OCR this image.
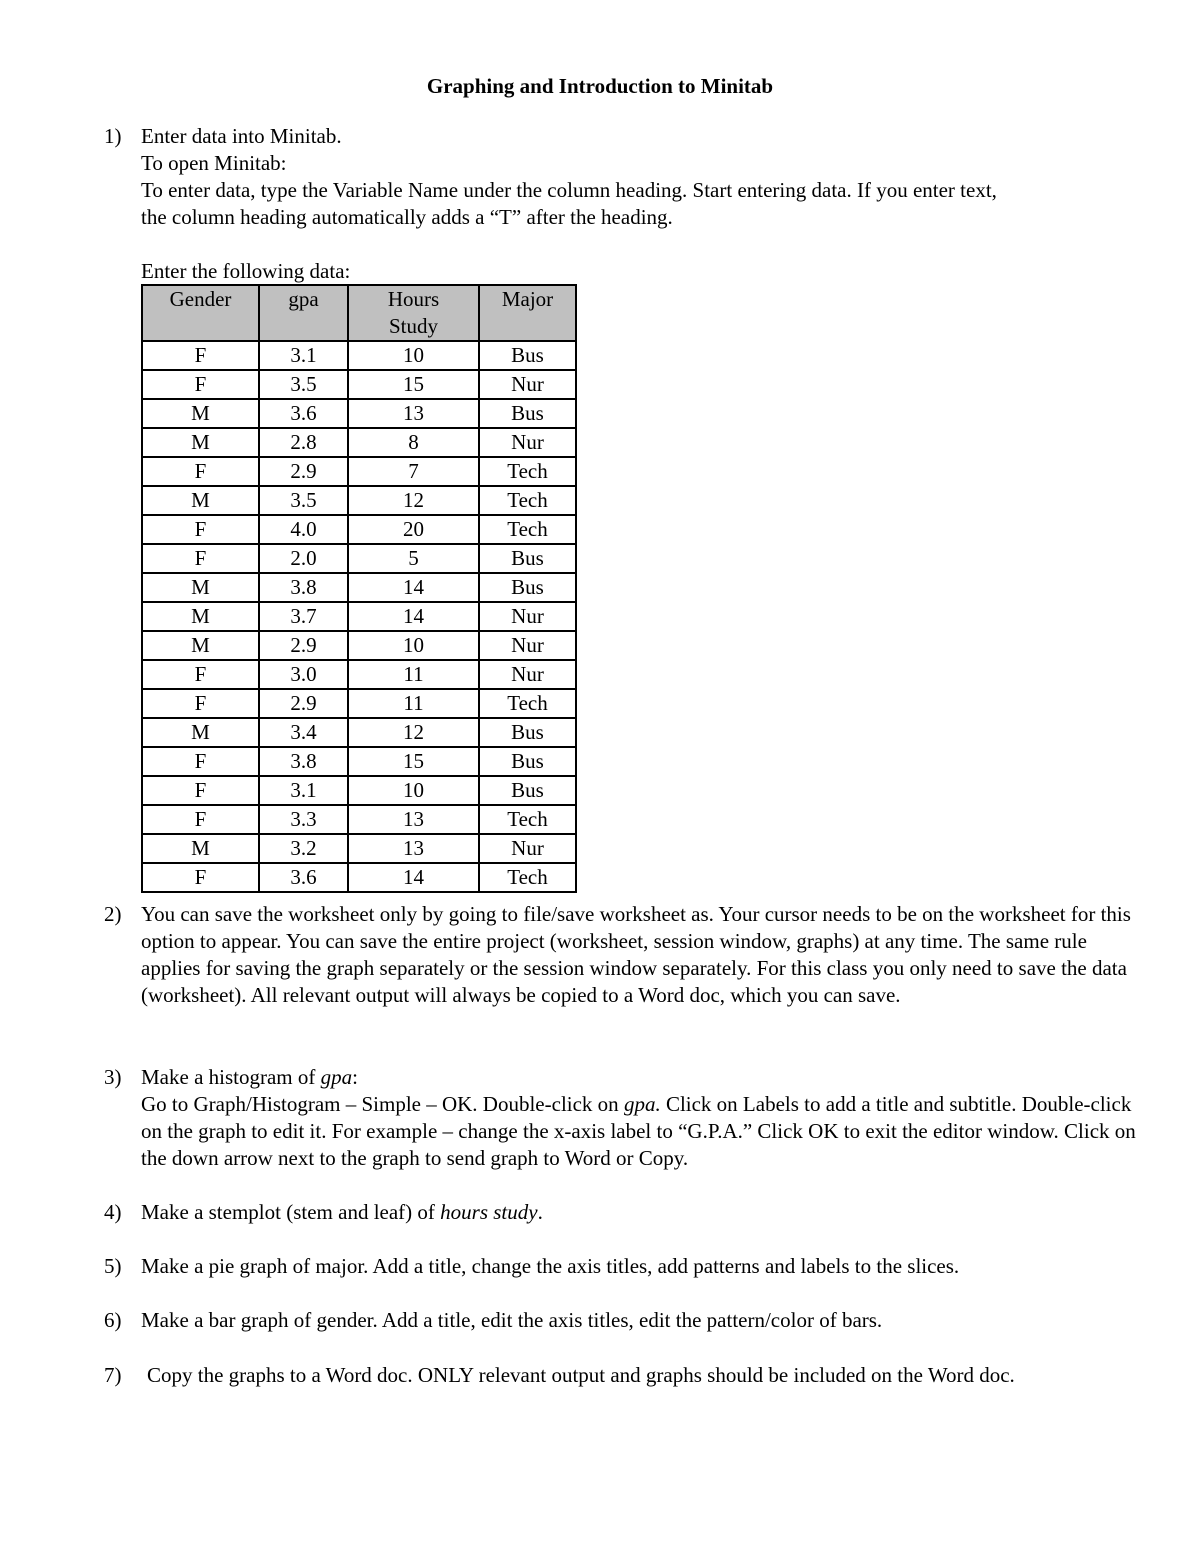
Graphing and Introduction to Minitab
1) Enter data into Minitab.

To open Minitab:

To enter data, type the Variable Name under the column heading. Start entering data. If you enter text,

the column heading automatically adds a “T” after the heading.

Enter the following data:

Gender	gpa	Hours Study	Major
F	3.1	10	Bus
F	3.5	15	Nur
M	3.6	13	Bus
M	2.8	8	Nur
F	2.9	7	Tech
M	3.5	12	Tech
F	4.0	20	Tech
F	2.0	5	Bus
M	3.8	14	Bus
M	3.7	14	Nur
M	2.9	10	Nur
F	3.0	11	Nur
F	2.9	11	Tech
M	3.4	12	Bus
F	3.8	15	Bus
F	3.1	10	Bus
F	3.3	13	Tech
M	3.2	13	Nur
F	3.6	14	Tech
2) You can save the worksheet only by going to file/save worksheet as. Your cursor needs to be on the worksheet for this option to appear. You can save the entire project (worksheet, session window, graphs) at any time. The same rule applies for saving the graph separately or the session window separately. For this class you only need to save the data (worksheet). All relevant output will always be copied to a Word doc, which you can save.
3) Make a histogram of gpa:

Go to Graph/Histogram – Simple – OK. Double-click on gpa. Click on Labels to add a title and subtitle. Double-click on the graph to edit it. For example – change the x-axis label to “G.P.A.” Click OK to exit the editor window. Click on the down arrow next to the graph to send graph to Word or Copy.

4) Make a stemplot (stem and leaf) of hours study.
5) Make a pie graph of major. Add a title, change the axis titles, add patterns and labels to the slices.
6) Make a bar graph of gender. Add a title, edit the axis titles, edit the pattern/color of bars.
7) Copy the graphs to a Word doc. ONLY relevant output and graphs should be included on the Word doc.
